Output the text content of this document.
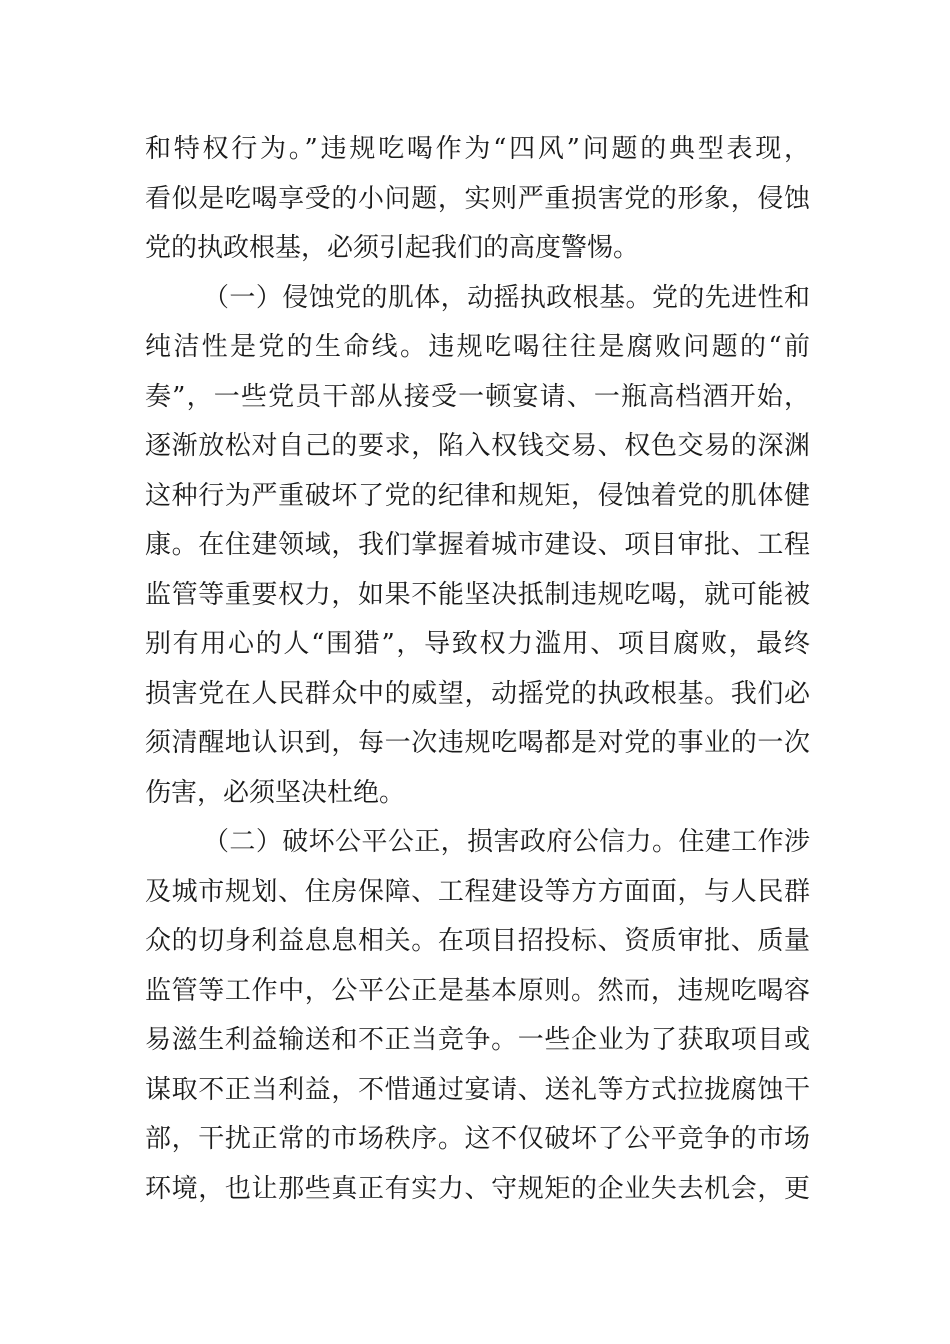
和特权行为。”违规吃喝作为“四风”问题的典型表现，
看似是吃喝享受的小问题，实则严重损害党的形象，侵蚀
党的执政根基，必须引起我们的高度警惕。
（一）侵蚀党的肌体，动摇执政根基。党的先进性和
纯洁性是党的生命线。违规吃喝往往是腐败问题的“前
奏”，一些党员干部从接受一顿宴请、一瓶高档酒开始，
逐渐放松对自己的要求，陷入权钱交易、权色交易的深渊
这种行为严重破坏了党的纪律和规矩，侵蚀着党的肌体健
康。在住建领域，我们掌握着城市建设、项目审批、工程
监管等重要权力，如果不能坚决抵制违规吃喝，就可能被
别有用心的人“围猎”，导致权力滥用、项目腐败，最终
损害党在人民群众中的威望，动摇党的执政根基。我们必
须清醒地认识到，每一次违规吃喝都是对党的事业的一次
伤害，必须坚决杜绝。
（二）破坏公平公正，损害政府公信力。住建工作涉
及城市规划、住房保障、工程建设等方方面面，与人民群
众的切身利益息息相关。在项目招投标、资质审批、质量
监管等工作中，公平公正是基本原则。然而，违规吃喝容
易滋生利益输送和不正当竞争。一些企业为了获取项目或
谋取不正当利益，不惜通过宴请、送礼等方式拉拢腐蚀干
部，干扰正常的市场秩序。这不仅破坏了公平竞争的市场
环境，也让那些真正有实力、守规矩的企业失去机会，更
